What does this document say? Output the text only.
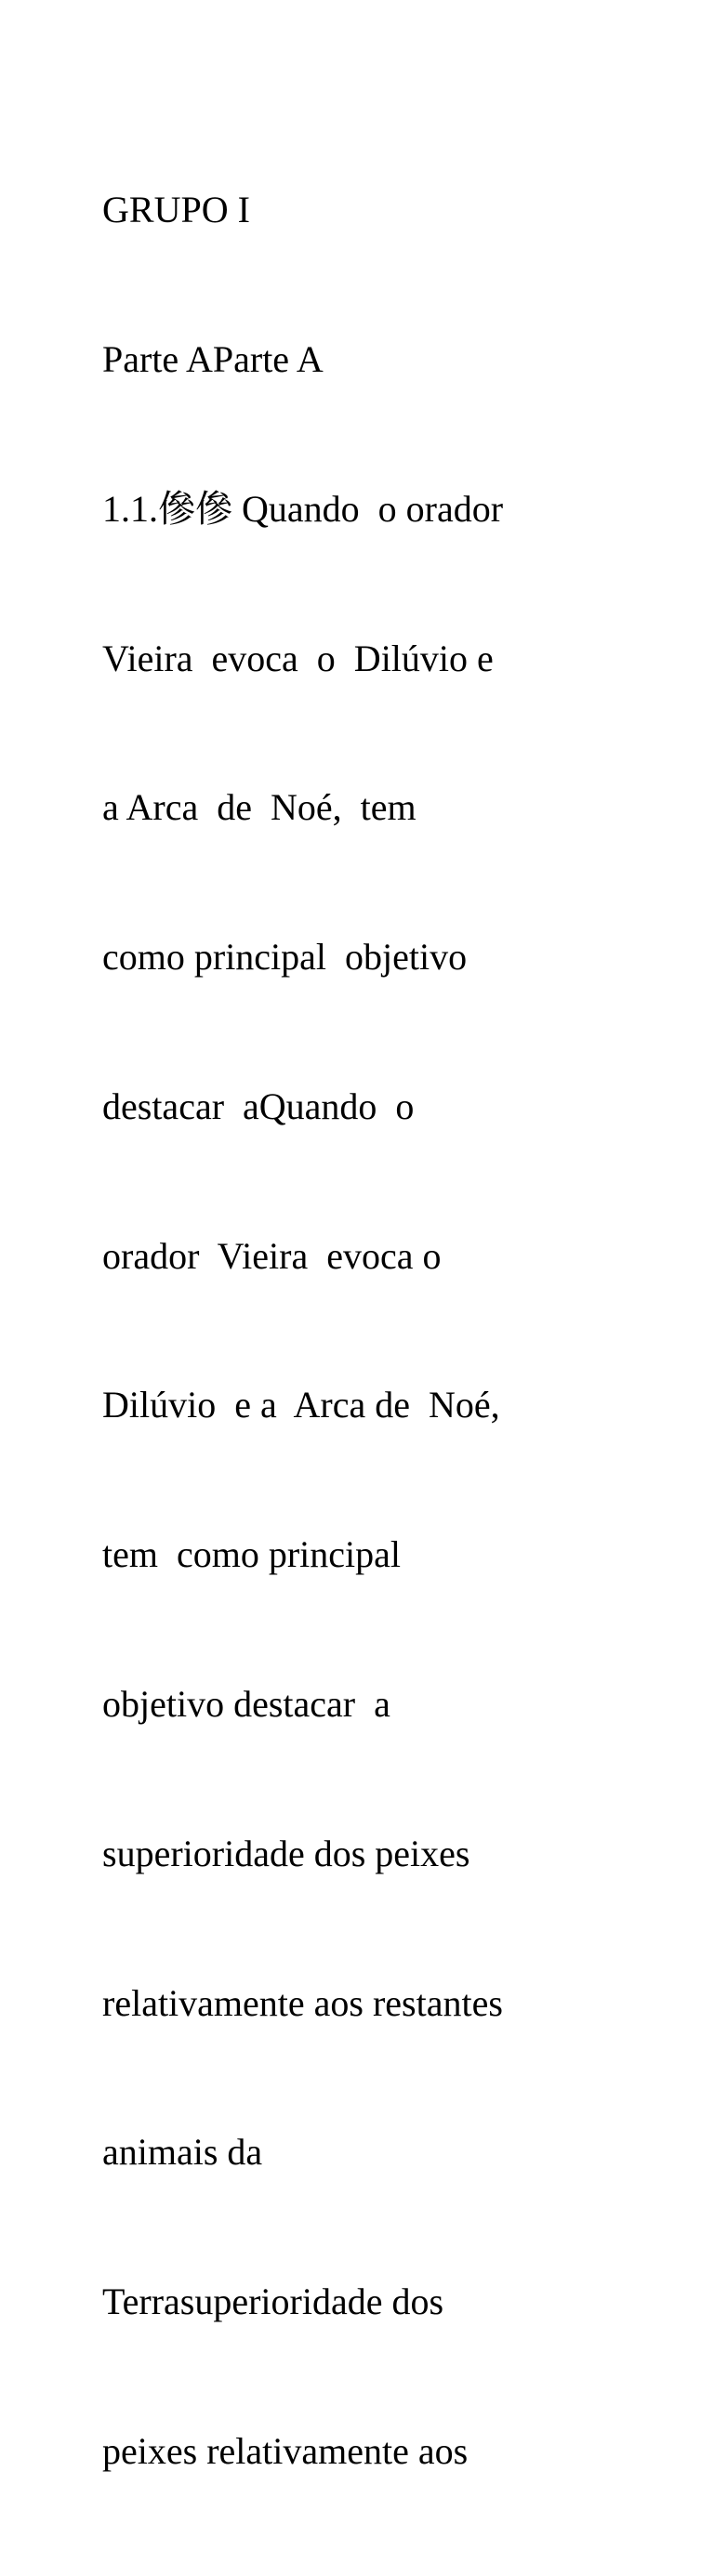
GRUPO I

Parte AParte A

1.1.傪傪 Quando  o orador

Vieira  evoca  o  Dilúvio e

a Arca  de  Noé,  tem

como principal  objetivo

destacar  aQuando  o

orador  Vieira  evoca o

Dilúvio  e a  Arca de  Noé,

tem  como principal

objetivo destacar  a

superioridade dos peixes

relativamente aos restantes

animais da

Terrasuperioridade dos

peixes relativamente aos
